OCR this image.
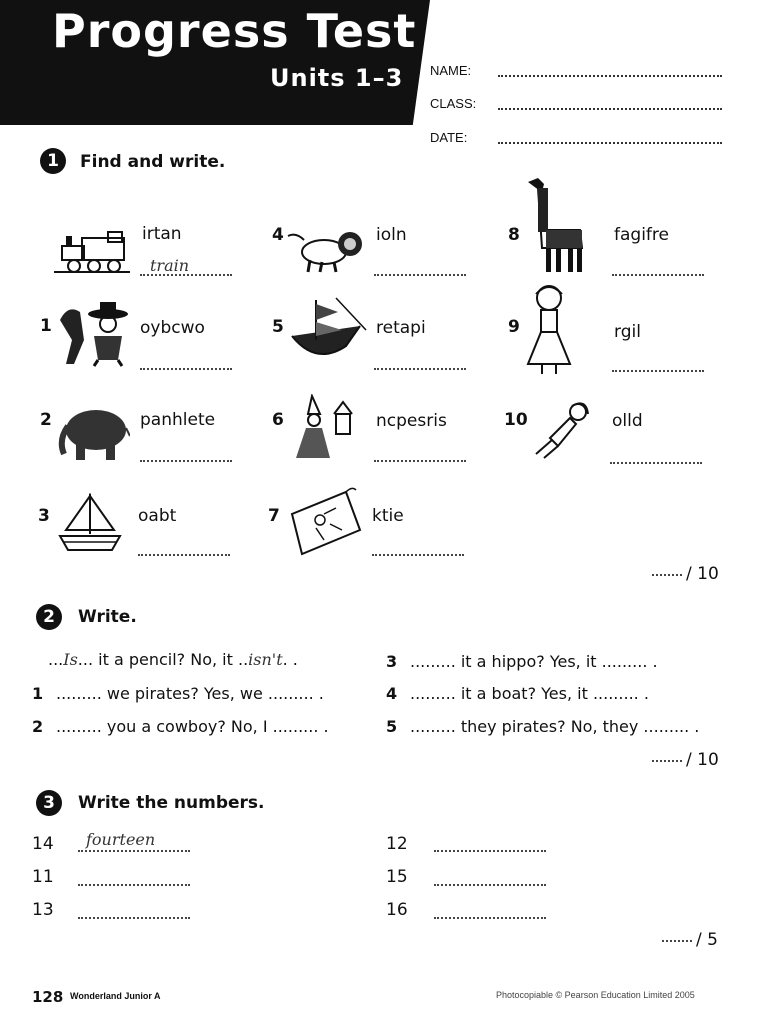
Progress Test 1
Units 1–3 NAME:
CLASS:
DATE:
1	Find and write.
irtan
train
1	oybcwo
2	panhlete
3	oabt
4	ioln
5	retapi
6	ncpesris
7	ktie
8	fagifre
9	rgil
10	olld
/ 10
2	Write.
...Is... it a pencil? No, it ..isn't. .
1 ......... we pirates? Yes, we ......... .
2 ......... you a cowboy? No, I ......... .
3 ......... it a hippo? Yes, it ......... .
4 ......... it a boat? Yes, it ......... .
5 ......... they pirates? No, they ......... .
/ 10
3	Write the numbers.
14 fourteen
11
13
12
15
16
/ 5
128 Wonderland Junior A	Photocopiable © Pearson Education Limited 2005
